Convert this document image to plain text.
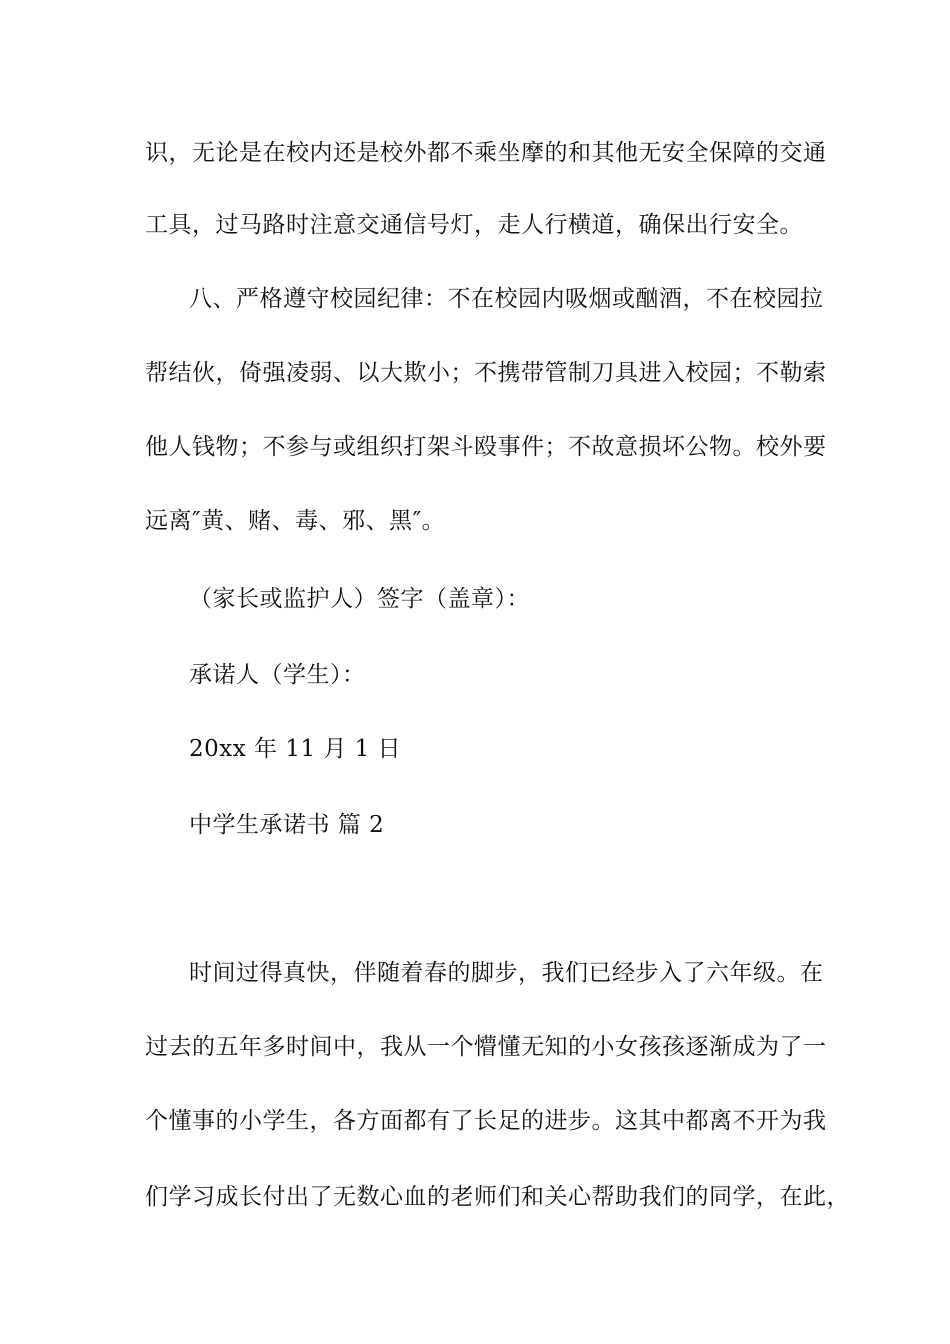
识，无论是在校内还是校外都不乘坐摩的和其他无安全保障的交通
工具，过马路时注意交通信号灯，走人行横道，确保出行安全。
八、严格遵守校园纪律：不在校园内吸烟或酗酒，不在校园拉
帮结伙，倚强凌弱、以大欺小；不携带管制刀具进入校园；不勒索
他人钱物；不参与或组织打架斗殴事件；不故意损坏公物。校外要
远离″黄、赌、毒、邪、黑″。
（家长或监护人）签字（盖章）：
承诺人（学生）：
20xx 年 11 月 1 日
中学生承诺书 篇 2
时间过得真快，伴随着春的脚步，我们已经步入了六年级。在
过去的五年多时间中，我从一个懵懂无知的小女孩孩逐渐成为了一
个懂事的小学生，各方面都有了长足的进步。这其中都离不开为我
们学习成长付出了无数心血的老师们和关心帮助我们的同学，在此，
